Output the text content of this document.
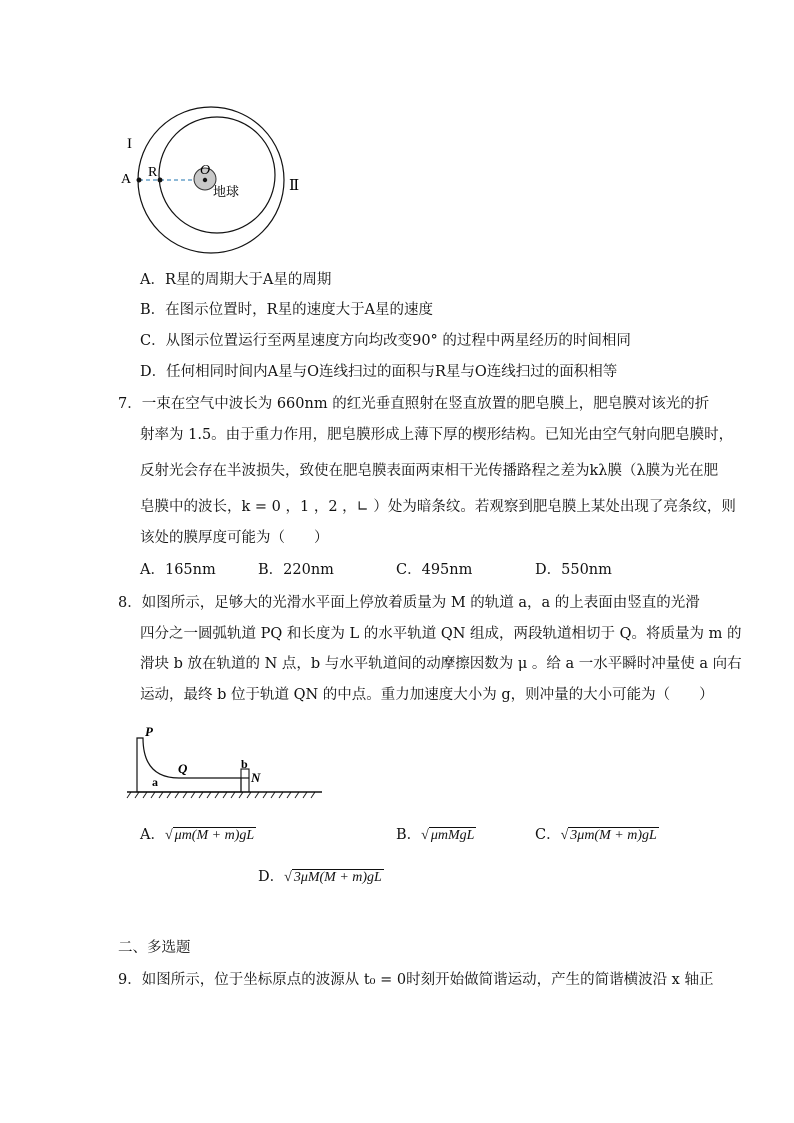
I
Ⅱ
A R	O
地球
A．R星的周期大于A星的周期
B．在图示位置时，R星的速度大于A星的速度
C．从图示位置运行至两星速度方向均改变90° 的过程中两星经历的时间相同
D．任何相同时间内A星与O连线扫过的面积与R星与O连线扫过的面积相等
7．一束在空气中波长为 660nm 的红光垂直照射在竖直放置的肥皂膜上，肥皂膜对该光的折
射率为 1.5。由于重力作用，肥皂膜形成上薄下厚的楔形结构。已知光由空气射向肥皂膜时，
反射光会存在半波损失，致使在肥皂膜表面两束相干光传播路程之差为kλ膜（λ膜为光在肥
皂膜中的波长，k = 0 ，1 ，2 ，∟ ）处为暗条纹。若观察到肥皂膜上某处出现了亮条纹，则
该处的膜厚度可能为（　　）
A．165nm	B．220nm	C．495nm	D．550nm
8．如图所示，足够大的光滑水平面上停放着质量为 M 的轨道 a，a 的上表面由竖直的光滑
四分之一圆弧轨道 PQ 和长度为 L 的水平轨道 QN 组成，两段轨道相切于 Q。将质量为 m 的
滑块 b 放在轨道的 N 点，b 与水平轨道间的动摩擦因数为 μ 。给 a 一水平瞬时冲量使 a 向右
运动，最终 b 位于轨道 QN 的中点。重力加速度大小为 g，则冲量的大小可能为（　　）
P
Q
a
b
N
A．√ μm(M + m)gL	B．√ μmMgL	C．√ 3μm(M + m)gL
D．√ 3μM(M + m)gL
二、多选题
9．如图所示，位于坐标原点的波源从 t₀ = 0时刻开始做简谐运动，产生的简谐横波沿 x 轴正
